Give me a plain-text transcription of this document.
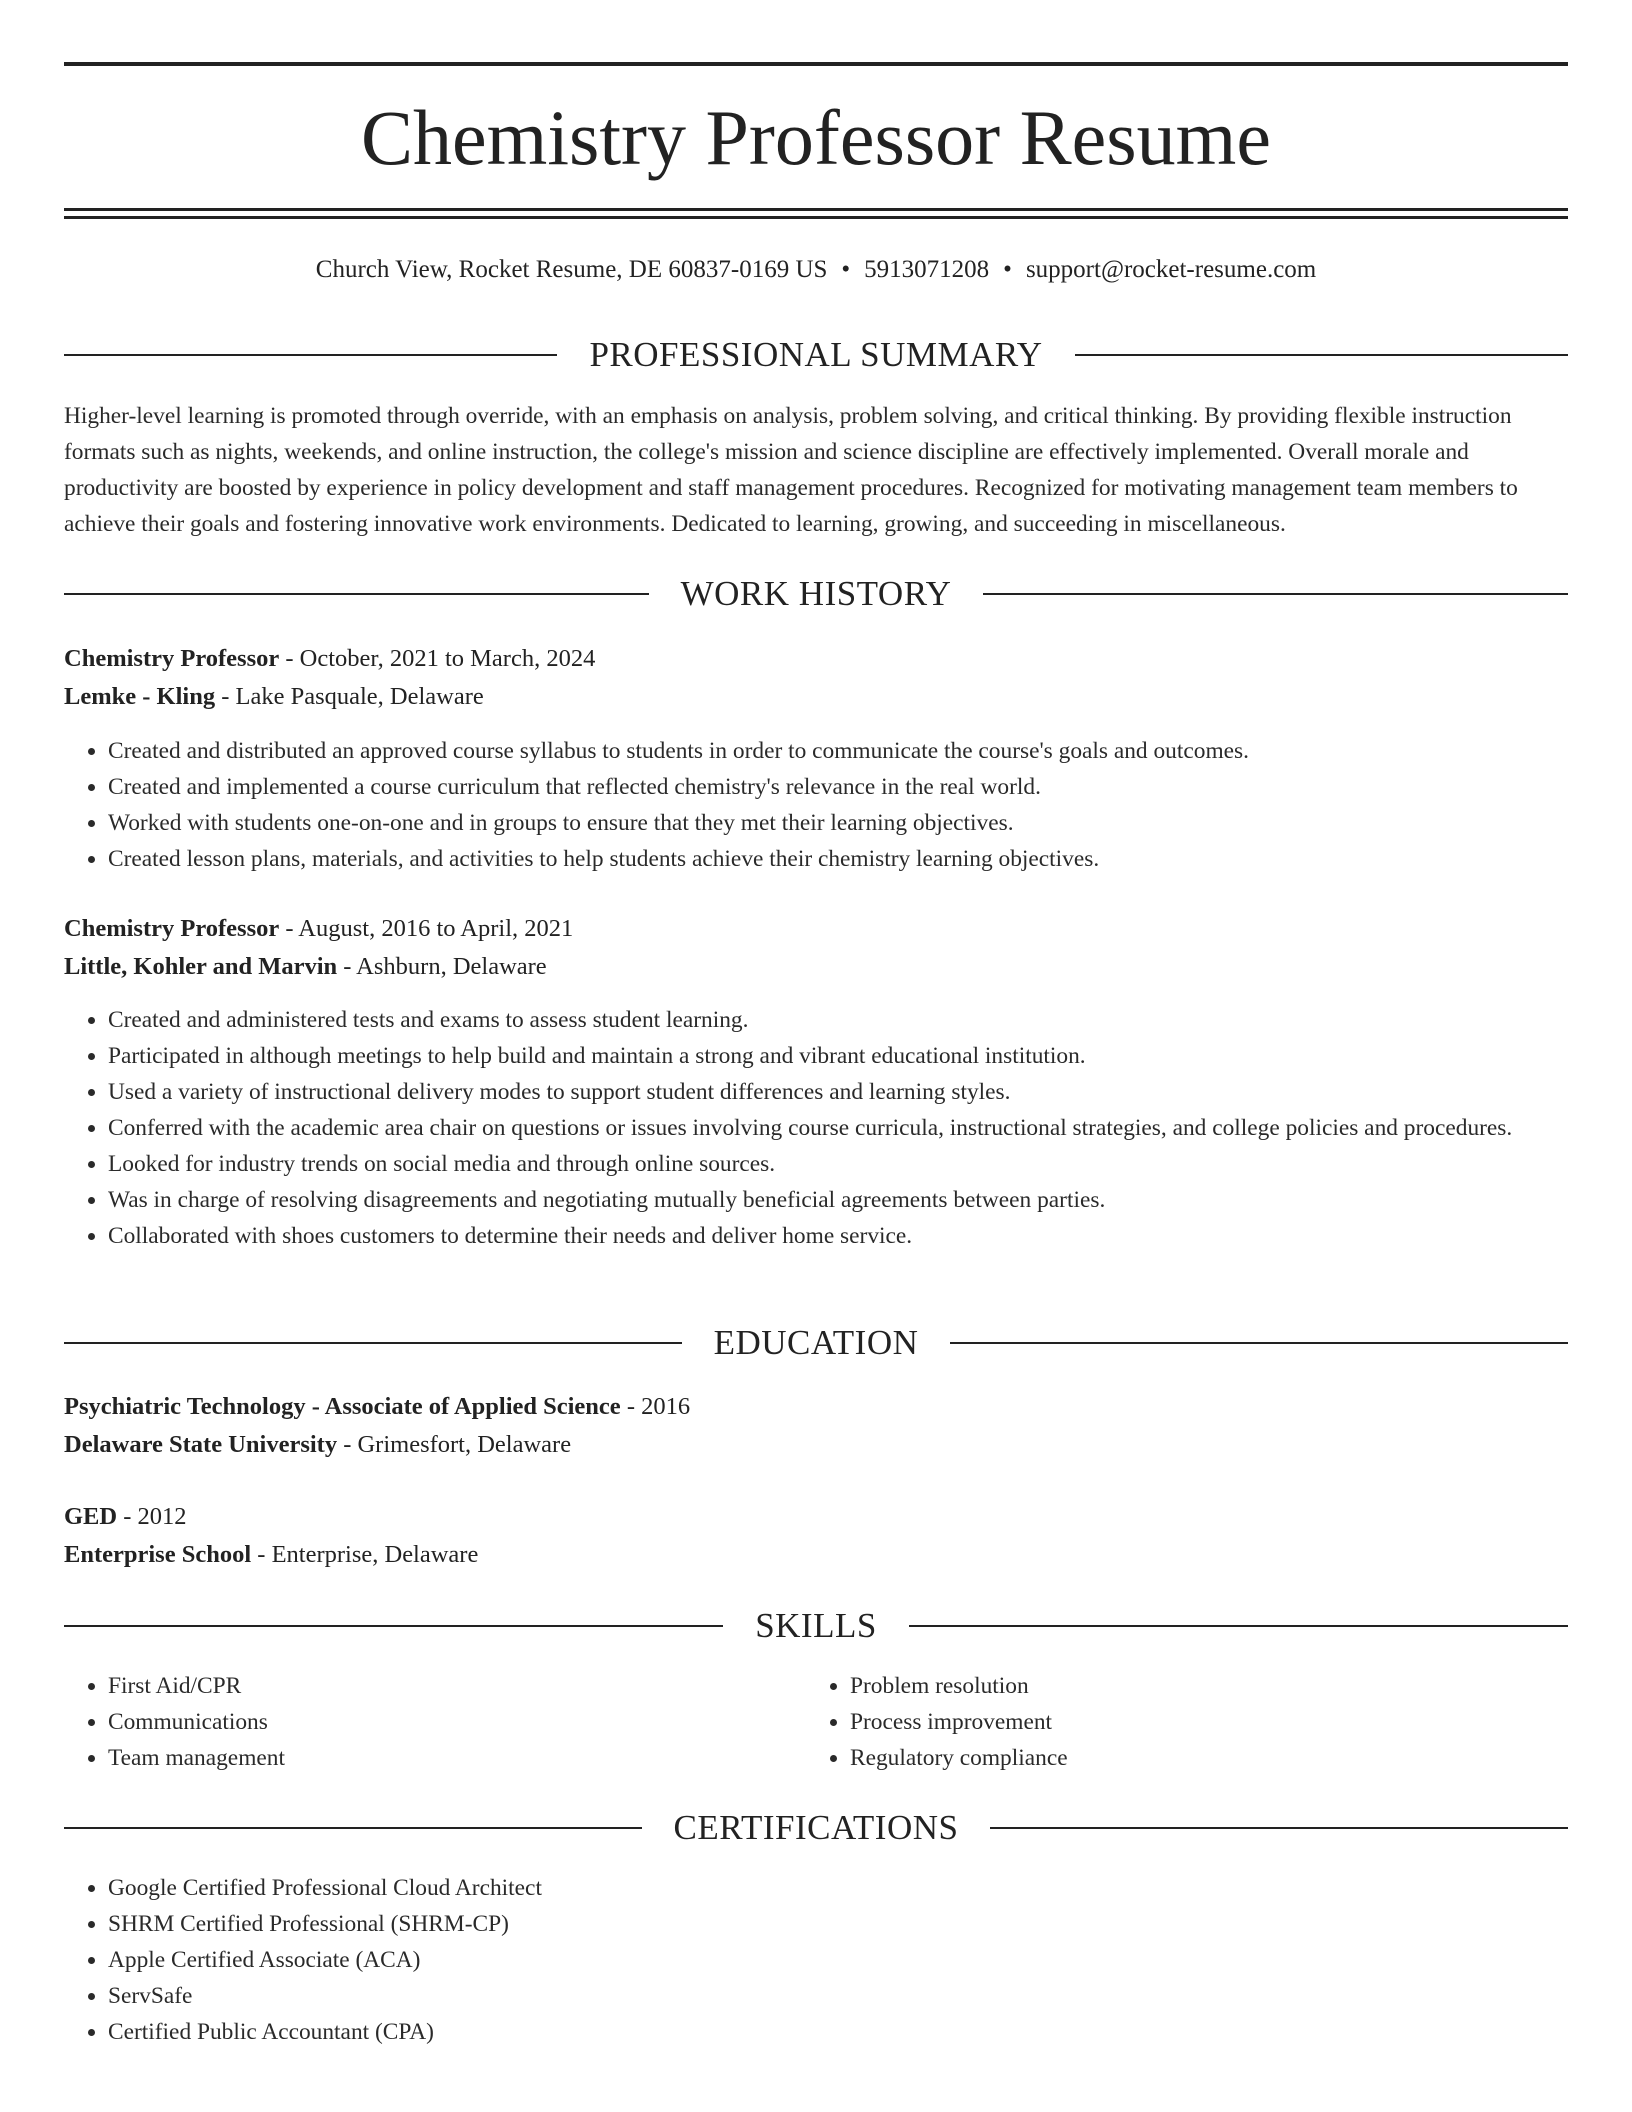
Chemistry Professor Resume
Church View, Rocket Resume, DE 60837-0169 US • 5913071208 • support@rocket-resume.com
PROFESSIONAL SUMMARY

Higher-level learning is promoted through override, with an emphasis on analysis, problem solving, and critical thinking. By providing flexible instruction formats such as nights, weekends, and online instruction, the college's mission and science discipline are effectively implemented. Overall morale and productivity are boosted by experience in policy development and staff management procedures. Recognized for motivating management team members to achieve their goals and fostering innovative work environments. Dedicated to learning, growing, and succeeding in miscellaneous.

WORK HISTORY
Chemistry Professor - October, 2021 to March, 2024
Lemke - Kling - Lake Pasquale, Delaware
• Created and distributed an approved course syllabus to students in order to communicate the course's goals and outcomes.
• Created and implemented a course curriculum that reflected chemistry's relevance in the real world.
• Worked with students one-on-one and in groups to ensure that they met their learning objectives.
• Created lesson plans, materials, and activities to help students achieve their chemistry learning objectives.
Chemistry Professor - August, 2016 to April, 2021
Little, Kohler and Marvin - Ashburn, Delaware
• Created and administered tests and exams to assess student learning.
• Participated in although meetings to help build and maintain a strong and vibrant educational institution.
• Used a variety of instructional delivery modes to support student differences and learning styles.
• Conferred with the academic area chair on questions or issues involving course curricula, instructional strategies, and college policies and procedures.
• Looked for industry trends on social media and through online sources.
• Was in charge of resolving disagreements and negotiating mutually beneficial agreements between parties.
• Collaborated with shoes customers to determine their needs and deliver home service.
EDUCATION
Psychiatric Technology - Associate of Applied Science - 2016
Delaware State University - Grimesfort, Delaware
GED - 2012
Enterprise School - Enterprise, Delaware
SKILLS
• First Aid/CPR
• Communications
• Team management
• Problem resolution
• Process improvement
• Regulatory compliance
CERTIFICATIONS
• Google Certified Professional Cloud Architect
• SHRM Certified Professional (SHRM-CP)
• Apple Certified Associate (ACA)
• ServSafe
• Certified Public Accountant (CPA)
